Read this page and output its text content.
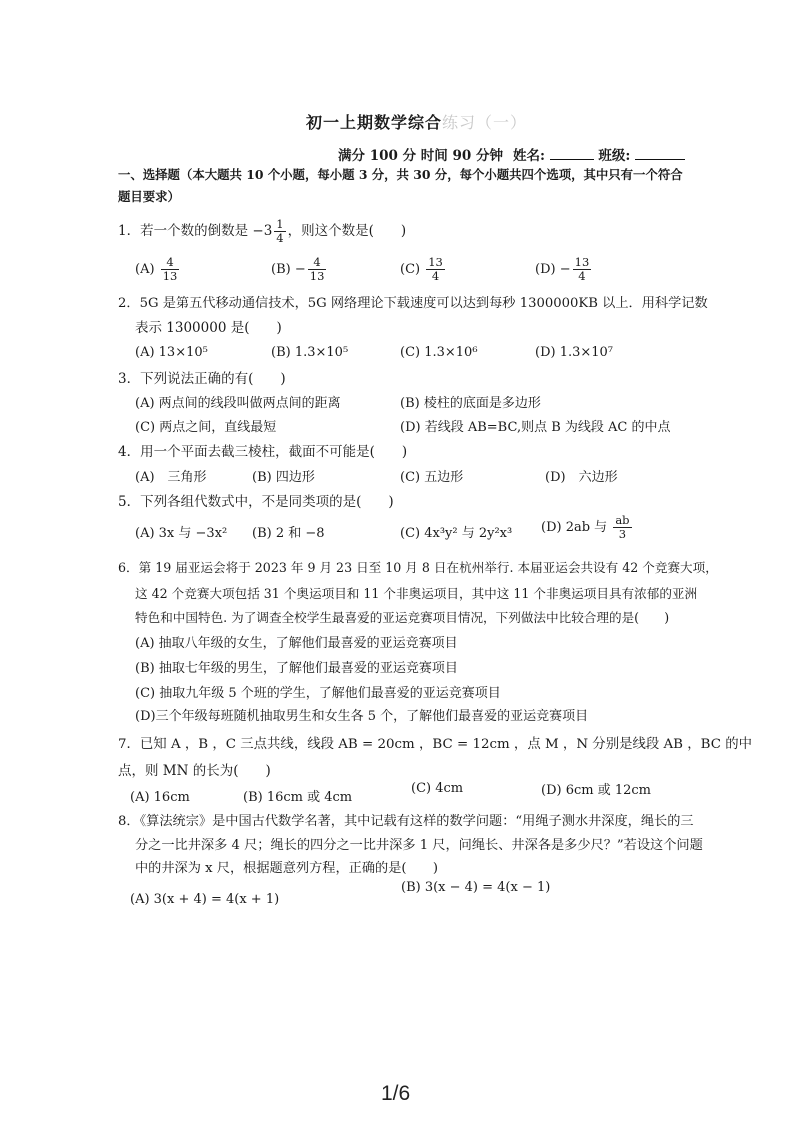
初一上期数学综合练习（一）
满分 100 分 时间 90 分钟 姓名:	班级:
一、选择题（本大题共 10 个小题，每小题 3 分，共 30 分，每个小题共四个选项，其中只有一个符合
题目要求）
1．若一个数的倒数是 $-3 \frac{1}{4}$ ，则这个数是(　　)
$(A) \frac{4}{13}$	$(B) - \frac{4}{13}$	$(C) \frac{13}{4}$	$(D) - \frac{13}{4}$
2．5G 是第五代移动通信技术，5G 网络理论下载速度可以达到每秒 1300000KB 以上．用科学记数
表示 1300000 是(　　)
(A) 13×10⁵	(B) 1.3×10⁵	(C) 1.3×10⁶	(D) 1.3×10⁷
3．下列说法正确的有(　　)
(A) 两点间的线段叫做两点间的距离	(B) 棱柱的底面是多边形
(C) 两点之间，直线最短	(D) 若线段 AB=BC,则点 B 为线段 AC 的中点
4．用一个平面去截三棱柱，截面不可能是(　　)
(A)　三角形	(B) 四边形	(C) 五边形	(D)　六边形
5．下列各组代数式中，不是同类项的是(　　)
(A) 3x 与 −3x² (B) 2 和 −8	(C) 4x³y² 与 2y²x³ (D) 2ab 与 $\frac{ab}{3}$
6．第 19 届亚运会将于 2023 年 9 月 23 日至 10 月 8 日在杭州举行. 本届亚运会共设有 42 个竞赛大项，
这 42 个竞赛大项包括 31 个奥运项目和 11 个非奥运项目，其中这 11 个非奥运项目具有浓郁的亚洲
特色和中国特色. 为了调查全校学生最喜爱的亚运竞赛项目情况，下列做法中比较合理的是(　　)
(A) 抽取八年级的女生，了解他们最喜爱的亚运竞赛项目
(B) 抽取七年级的男生，了解他们最喜爱的亚运竞赛项目
(C) 抽取九年级 5 个班的学生，了解他们最喜爱的亚运竞赛项目
(D)三个年级每班随机抽取男生和女生各 5 个，了解他们最喜爱的亚运竞赛项目
7．已知 A ，B ，C 三点共线，线段 AB = 20cm ，BC = 12cm ，点 M ，N 分别是线段 AB ，BC 的中
点，则 MN 的长为(　　)
(A) 16cm	(B) 16cm 或 4cm
(C) 4cm	(D) 6cm 或 12cm
8．《算法统宗》是中国古代数学名著，其中记载有这样的数学问题：“用绳子测水井深度，绳长的三
分之一比井深多 4 尺；绳长的四分之一比井深多 1 尺，问绳长、井深各是多少尺？”若设这个问题
中的井深为 x 尺，根据题意列方程，正确的是(　　)
(A) 3(x + 4) = 4(x + 1)
(B) 3(x − 4) = 4(x − 1)
1/6
